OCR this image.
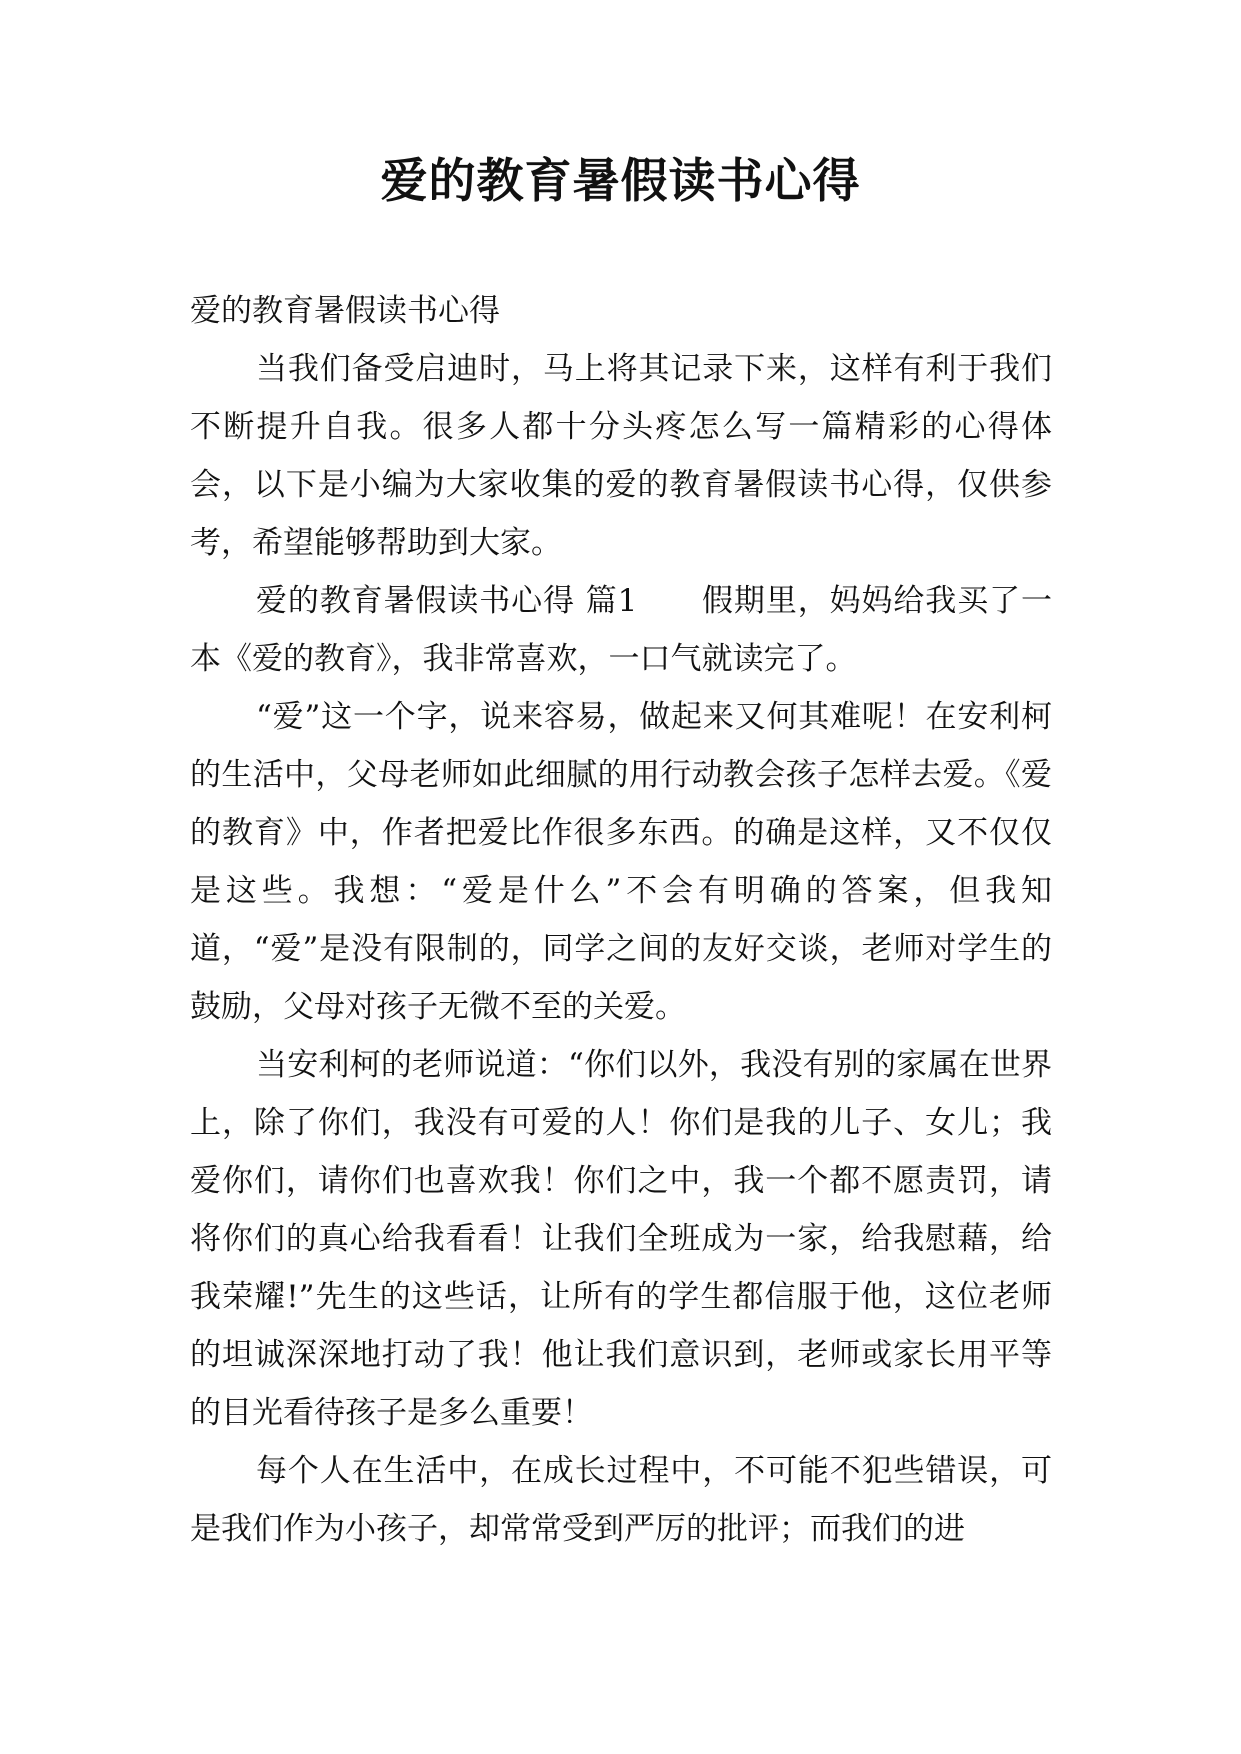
爱的教育暑假读书心得

爱的教育暑假读书心得

当我们备受启迪时，马上将其记录下来，这样有利于我们不断提升自我。很多人都十分头疼怎么写一篇精彩的心得体会，以下是小编为大家收集的爱的教育暑假读书心得，仅供参考，希望能够帮助到大家。

爱的教育暑假读书心得 篇1　　假期里，妈妈给我买了一本《爱的教育》，我非常喜欢，一口气就读完了。

“爱”这一个字，说来容易，做起来又何其难呢！在安利柯的生活中，父母老师如此细腻的用行动教会孩子怎样去爱。《爱的教育》中，作者把爱比作很多东西。的确是这样，又不仅仅是这些。我想：“爱是什么”不会有明确的答案，但我知道，“爱”是没有限制的，同学之间的友好交谈，老师对学生的鼓励，父母对孩子无微不至的关爱。

当安利柯的老师说道：“你们以外，我没有别的家属在世界上，除了你们，我没有可爱的人！你们是我的儿子、女儿；我爱你们，请你们也喜欢我！你们之中，我一个都不愿责罚，请将你们的真心给我看看！让我们全班成为一家，给我慰藉，给我荣耀!”先生的这些话，让所有的学生都信服于他，这位老师的坦诚深深地打动了我！他让我们意识到，老师或家长用平等的目光看待孩子是多么重要！

每个人在生活中，在成长过程中，不可能不犯些错误，可是我们作为小孩子，却常常受到严厉的批评；而我们的进
